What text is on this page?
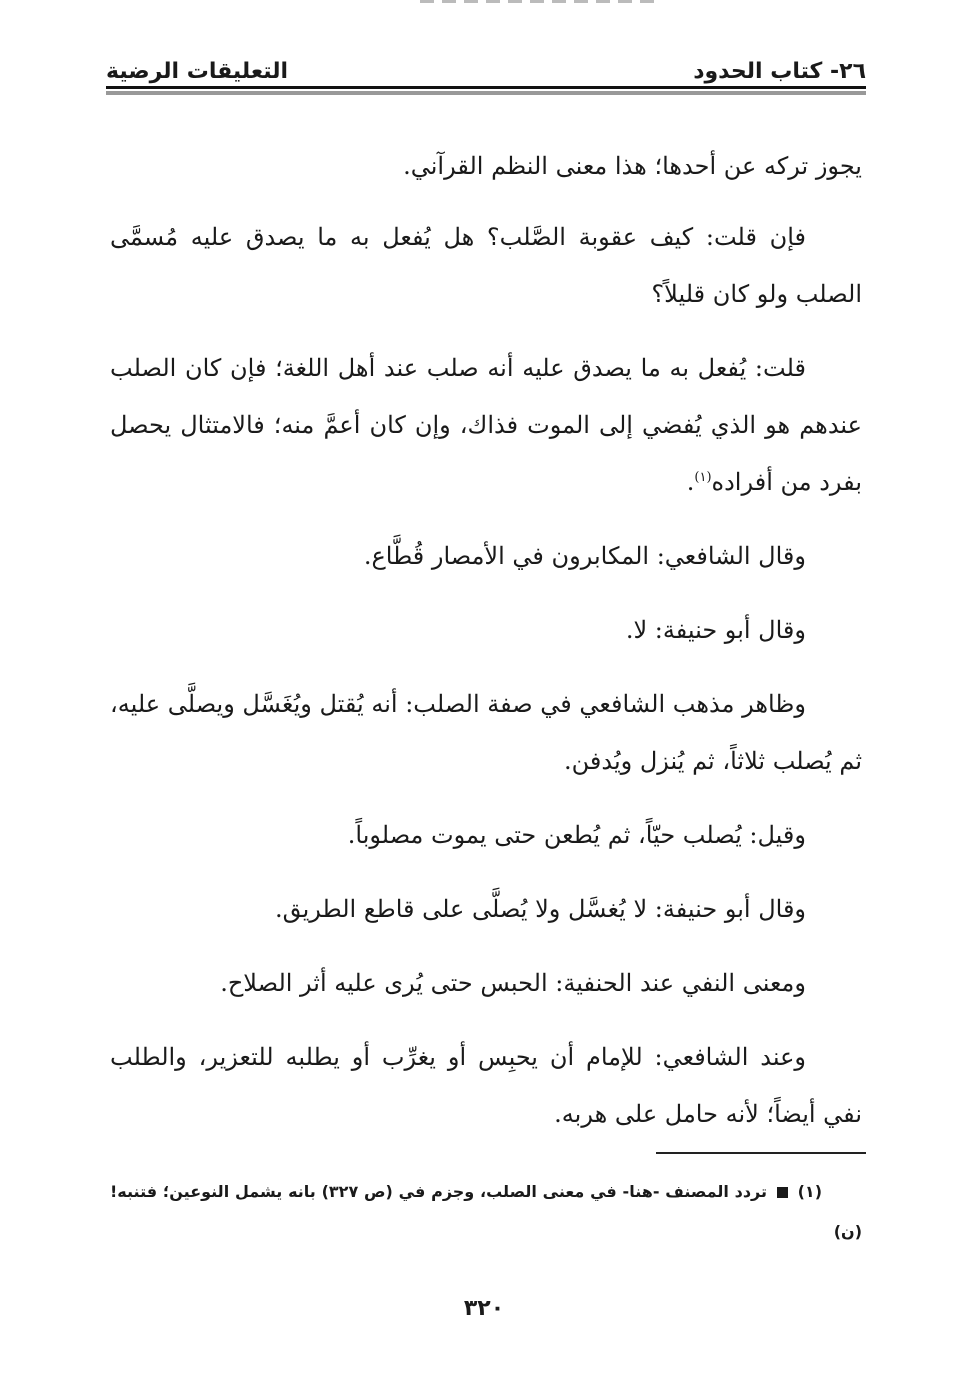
٢٦- كتاب الحدود
التعليقات الرضية

يجوز تركه عن أحدها؛ هذا معنى النظم القرآني.

فإن قلت: كيف عقوبة الصَّلب؟ هل يُفعل به ما يصدق عليه مُسمَّى الصلب ولو كان قليلاً؟

قلت: يُفعل به ما يصدق عليه أنه صلب عند أهل اللغة؛ فإن كان الصلب عندهم هو الذي يُفضي إلى الموت فذاك، وإن كان أعمَّ منه؛ فالامتثال يحصل بفرد من أفراده$^{(١)}$.

وقال الشافعي: المكابرون في الأمصار قُطَّاع.

وقال أبو حنيفة: لا.

وظاهر مذهب الشافعي في صفة الصلب: أنه يُقتل ويُغَسَّل ويصلَّى عليه، ثم يُصلب ثلاثاً، ثم يُنزل ويُدفن.

وقيل: يُصلب حيّاً، ثم يُطعن حتى يموت مصلوباً.

وقال أبو حنيفة: لا يُغسَّل ولا يُصلَّى على قاطع الطريق.

ومعنى النفي عند الحنفية: الحبس حتى يُرى عليه أثر الصلاح.

وعند الشافعي: للإمام أن يحبِس أو يغرِّب أو يطلبه للتعزير، والطلب نفي أيضاً؛ لأنه حامل على هربه.

(١)  تردد المصنف -هنا- في معنى الصلب، وجزم في (ص ٣٢٧) بانه يشمل النوعين؛ فتنبه! (ن)

٣٢٠
